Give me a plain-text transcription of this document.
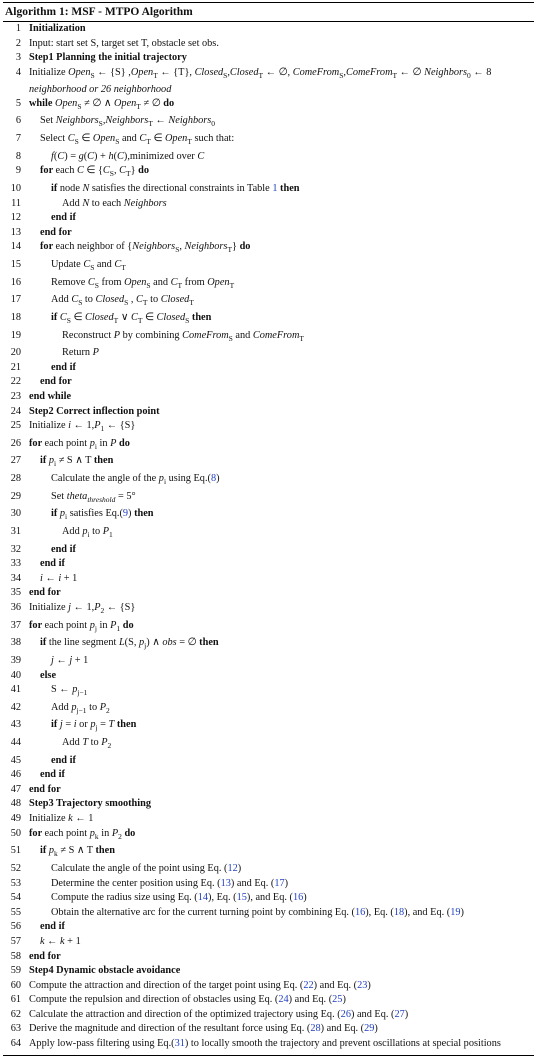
Algorithm 1: MSF - MTPO Algorithm
1 Initialization
2 Input: start set S, target set T, obstacle set obs.
3 Step1 Planning the initial trajectory
4 Initialize Open$_S$ ← {S} ,Open$_T$ ← {T}, Closed$_S$,Closed$_T$ ← ∅, ComeFrom$_S$,ComeFrom$_T$ ← ∅ Neighbors$_0$ ← 8 neighborhood or 26 neighborhood
5 while Open$_S$ ≠ ∅ ∧ Open$_T$ ≠ ∅ do
6	Set Neighbors$_S$,Neighbors$_T$ ← Neighbors$_0$
7	Select $C_S$ ∈ Open$_S$ and $C_T$ ∈ Open$_T$ such that:
8	f(C) = g(C) + h(C),minimized over C
9	for each C ∈ {$C_S$, $C_T$} do
10	if node N satisfies the directional constraints in Table 1 then
11	Add N to each Neighbors
12	end if
13	end for
14	for each neighbor of {Neighbors$_S$, Neighbors$_T$} do
15	Update $C_S$ and $C_T$
16	Remove $C_S$ from Open$_S$ and $C_T$ from Open$_T$
17	Add $C_S$ to Closed$_S$ , $C_T$ to Closed$_T$
18	if $C_S$ ∈ Closed$_T$ ∨ $C_T$ ∈ Closed$_S$ then
19	Reconstruct P by combining ComeFrom$_S$ and ComeFrom$_T$
20	Return P
21	end if
22	end for
23 end while
24 Step2 Correct inflection point
25 Initialize i ← $1,P_1$ ← {S}
26 for each point $p_i$ in P do
27	if $p_i \ne S$ ∧ T then
28	Calculate the angle of the $p_i$ using Eq.(8)
29	Set theta$_{threshold}$ = 5°
30	if $p_i$ satisfies Eq.(9) then
31	Add $p_i$ to $P_1$
32	end if
33	end if
34	i ← i + 1
35 end for
36 Initialize j ← $1,P_2$ ← {S}
37 for each point $p_j$ in $P_1$ do
38	if the line segment L(S, $p_j$) ∧ obs = ∅ then
39	j ← j + 1
40	else
41	S ← $p_{j-1}$
42	Add $p_{j-1}$ to $P_2$
43	if j = i or $p_j = T$ then
44	Add T to $P_2$
45	end if
46	end if
47 end for
48 Step3 Trajectory smoothing
49 Initialize k ← 1
50 for each point $p_k$ in $P_2$ do
51	if $p_k \ne S$ ∧ T then
52	Calculate the angle of the point using Eq. (12)
53	Determine the center position using Eq. (13) and Eq. (17)
54	Compute the radius size using Eq. (14), Eq. (15), and Eq. (16)
55	Obtain the alternative arc for the current turning point by combining Eq. (16), Eq. (18), and Eq. (19)
56	end if
57	k ← k + 1
58 end for
59 Step4 Dynamic obstacle avoidance
60 Compute the attraction and direction of the target point using Eq. (22) and Eq. (23)
61 Compute the repulsion and direction of obstacles using Eq. (24) and Eq. (25)
62 Calculate the attraction and direction of the optimized trajectory using Eq. (26) and Eq. (27)
63 Derive the magnitude and direction of the resultant force using Eq. (28) and Eq. (29)
64 Apply low-pass filtering using Eq.(31) to locally smooth the trajectory and prevent oscillations at special positions
